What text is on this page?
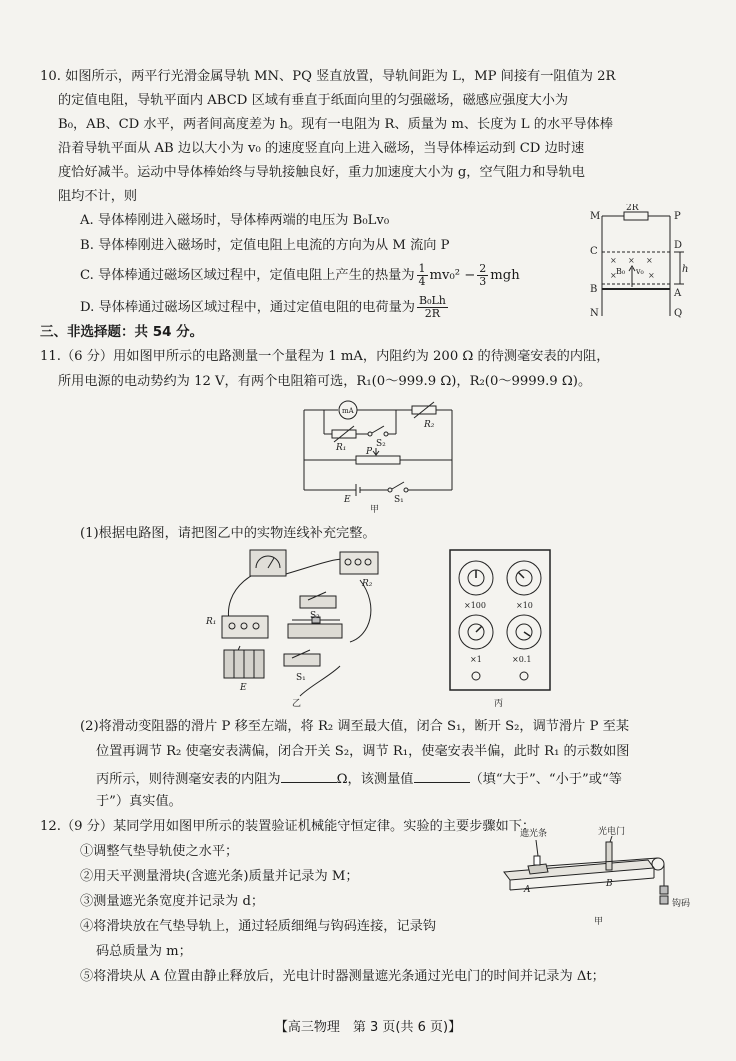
10. 如图所示，两平行光滑金属导轨 MN、PQ 竖直放置，导轨间距为 L，MP 间接有一阻值为 2R
的定值电阻，导轨平面内 ABCD 区域有垂直于纸面向里的匀强磁场，磁感应强度大小为
B₀，AB、CD 水平，两者间高度差为 h。现有一电阻为 R、质量为 m、长度为 L 的水平导体棒
沿着导轨平面从 AB 边以大小为 v₀ 的速度竖直向上进入磁场，当导体棒运动到 CD 边时速
度恰好减半。运动中导体棒始终与导轨接触良好，重力加速度大小为 g，空气阻力和导轨电
阻均不计，则
A. 导体棒刚进入磁场时，导体棒两端的电压为 B₀Lv₀
B. 导体棒刚进入磁场时，定值电阻上电流的方向为从 M 流向 P
C. 导体棒通过磁场区域过程中，定值电阻上产生的热量为 $\frac{1}{4} mv_0^2 - \frac{2}{3}$ mgh
D. 导体棒通过磁场区域过程中，通过定值电阻的电荷量为 $\frac{\text{B₀Lh}}{2R}$
M	P
2R
C
D
h
B	A
N	Q
B₀ v₀
× × ×
×	×
三、非选择题：共 54 分。
11.（6 分）用如图甲所示的电路测量一个量程为 1 mA，内阻约为 200 Ω 的待测毫安表的内阻，
所用电源的电动势约为 12 V，有两个电阻箱可选，R₁(0～999.9 Ω)，R₂(0～9999.9 Ω)。
mA
R₂
R₁	S₂
P
E	S₁
甲
(1)根据电路图，请把图乙中的实物连线补充完整。
R₂
S₂
R₁
E
S₁
乙
×100	×10
×1	×0.1
丙
(2)将滑动变阻器的滑片 P 移至左端，将 R₂ 调至最大值，闭合 S₁，断开 S₂，调节滑片 P 至某
位置再调节 R₂ 使毫安表满偏，闭合开关 S₂，调节 R₁，使毫安表半偏，此时 R₁ 的示数如图
丙所示，则待测毫安表的内阻为	Ω，该测量值	（填“大于”、“小于”或“等
于”）真实值。
12.（9 分）某同学用如图甲所示的装置验证机械能守恒定律。实验的主要步骤如下：
①调整气垫导轨使之水平；
②用天平测量滑块(含遮光条)质量并记录为 M；
③测量遮光条宽度并记录为 d；
④将滑块放在气垫导轨上，通过轻质细绳与钩码连接，记录钩
码总质量为 m；
⑤将滑块从 A 位置由静止释放后，光电计时器测量遮光条通过光电门的时间并记录为 Δt；
遮光条	光电门
A
B
钩码
甲
【高三物理　第 3 页(共 6 页)】
